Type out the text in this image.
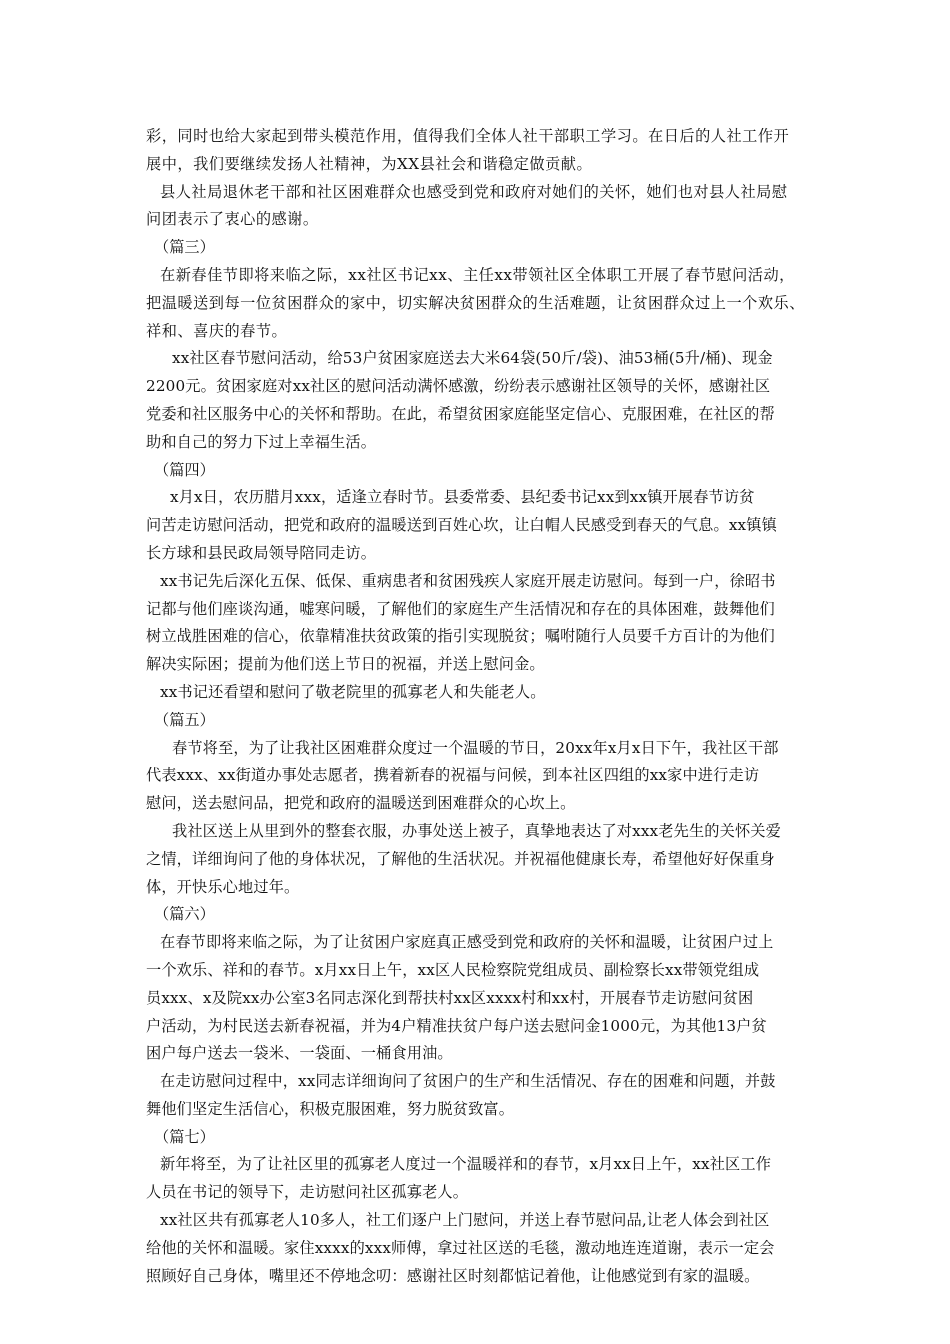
彩，同时也给大家起到带头模范作用，值得我们全体人社干部职工学习。在日后的人社工作开
展中，我们要继续发扬人社精神，为XX县社会和谐稳定做贡献。

县人社局退休老干部和社区困难群众也感受到党和政府对她们的关怀，她们也对县人社局慰
问团表示了衷心的感谢。

（篇三）

在新春佳节即将来临之际，xx社区书记xx、主任xx带领社区全体职工开展了春节慰问活动，
把温暖送到每一位贫困群众的家中，切实解决贫困群众的生活难题，让贫困群众过上一个欢乐、
祥和、喜庆的春节。

xx社区春节慰问活动，给53户贫困家庭送去大米64袋(50斤/袋)、油53桶(5升/桶)、现金
2200元。贫困家庭对xx社区的慰问活动满怀感激，纷纷表示感谢社区领导的关怀，感谢社区
党委和社区服务中心的关怀和帮助。在此，希望贫困家庭能坚定信心、克服困难，在社区的帮
助和自己的努力下过上幸福生活。

（篇四）

x月x日，农历腊月xxx，适逢立春时节。县委常委、县纪委书记xx到xx镇开展春节访贫
问苦走访慰问活动，把党和政府的温暖送到百姓心坎，让白帽人民感受到春天的气息。xx镇镇
长方球和县民政局领导陪同走访。

xx书记先后深化五保、低保、重病患者和贫困残疾人家庭开展走访慰问。每到一户，徐昭书
记都与他们座谈沟通，嘘寒问暖，了解他们的家庭生产生活情况和存在的具体困难，鼓舞他们
树立战胜困难的信心，依靠精准扶贫政策的指引实现脱贫；嘱咐随行人员要千方百计的为他们
解决实际困；提前为他们送上节日的祝福，并送上慰问金。

xx书记还看望和慰问了敬老院里的孤寡老人和失能老人。

（篇五）

春节将至，为了让我社区困难群众度过一个温暖的节日，20xx年x月x日下午，我社区干部
代表xxx、xx街道办事处志愿者，携着新春的祝福与问候，到本社区四组的xx家中进行走访
慰问，送去慰问品，把党和政府的温暖送到困难群众的心坎上。

我社区送上从里到外的整套衣服，办事处送上被子，真挚地表达了对xxx老先生的关怀关爱
之情，详细询问了他的身体状况，了解他的生活状况。并祝福他健康长寿，希望他好好保重身
体，开快乐心地过年。

（篇六）

在春节即将来临之际，为了让贫困户家庭真正感受到党和政府的关怀和温暖，让贫困户过上
一个欢乐、祥和的春节。x月xx日上午，xx区人民检察院党组成员、副检察长xx带领党组成
员xxx、x及院xx办公室3名同志深化到帮扶村xx区xxxx村和xx村，开展春节走访慰问贫困
户活动，为村民送去新春祝福，并为4户精准扶贫户每户送去慰问金1000元，为其他13户贫
困户每户送去一袋米、一袋面、一桶食用油。

在走访慰问过程中，xx同志详细询问了贫困户的生产和生活情况、存在的困难和问题，并鼓
舞他们坚定生活信心，积极克服困难，努力脱贫致富。

（篇七）

新年将至，为了让社区里的孤寡老人度过一个温暖祥和的春节，x月xx日上午，xx社区工作
人员在书记的领导下，走访慰问社区孤寡老人。

xx社区共有孤寡老人10多人，社工们逐户上门慰问，并送上春节慰问品,让老人体会到社区
给他的关怀和温暖。家住xxxx的xxx师傅，拿过社区送的毛毯，激动地连连道谢，表示一定会
照顾好自己身体，嘴里还不停地念叨：感谢社区时刻都惦记着他，让他感觉到有家的温暖。
